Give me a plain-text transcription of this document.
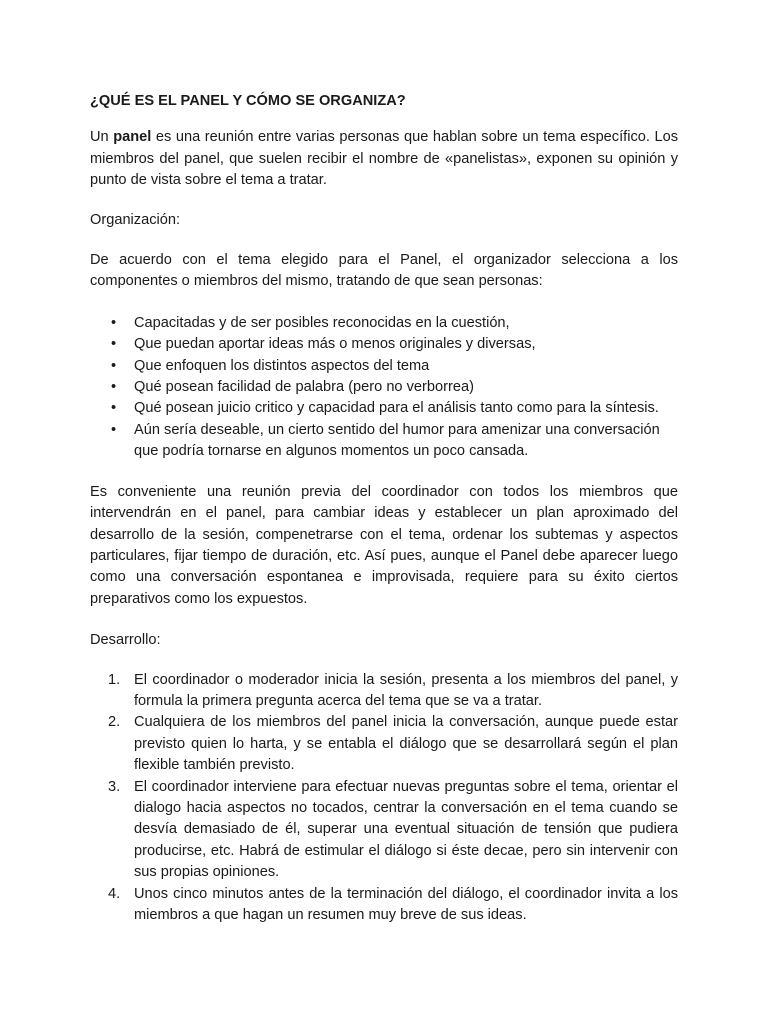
¿QUÉ ES EL PANEL Y CÓMO SE ORGANIZA?

Un panel es una reunión entre varias personas que hablan sobre un tema específico. Los miembros del panel, que suelen recibir el nombre de «panelistas», exponen su opinión y punto de vista sobre el tema a tratar.

Organización:

De acuerdo con el tema elegido para el Panel, el organizador selecciona a los componentes o miembros del mismo, tratando de que sean personas:

• Capacitadas y de ser posibles reconocidas en la cuestión,
• Que puedan aportar ideas más o menos originales y diversas,
• Que enfoquen los distintos aspectos del tema
• Qué posean facilidad de palabra (pero no verborrea)
• Qué posean juicio critico y capacidad para el análisis tanto como para la síntesis.
• Aún sería deseable, un cierto sentido del humor para amenizar una conversación que podría tornarse en algunos momentos un poco cansada.

Es conveniente una reunión previa del coordinador con todos los miembros que intervendrán en el panel, para cambiar ideas y establecer un plan aproximado del desarrollo de la sesión, compenetrarse con el tema, ordenar los subtemas y aspectos particulares, fijar tiempo de duración, etc. Así pues, aunque el Panel debe aparecer luego como una conversación espontanea e improvisada, requiere para su éxito ciertos preparativos como los expuestos.

Desarrollo:

1. El coordinador o moderador inicia la sesión, presenta a los miembros del panel, y formula la primera pregunta acerca del tema que se va a tratar.
2. Cualquiera de los miembros del panel inicia la conversación, aunque puede estar previsto quien lo harta, y se entabla el diálogo que se desarrollará según el plan flexible también previsto.
3. El coordinador interviene para efectuar nuevas preguntas sobre el tema, orientar el dialogo hacia aspectos no tocados, centrar la conversación en el tema cuando se desvía demasiado de él, superar una eventual situación de tensión que pudiera producirse, etc. Habrá de estimular el diálogo si éste decae, pero sin intervenir con sus propias opiniones.
4. Unos cinco minutos antes de la terminación del diálogo, el coordinador invita a los miembros a que hagan un resumen muy breve de sus ideas.
